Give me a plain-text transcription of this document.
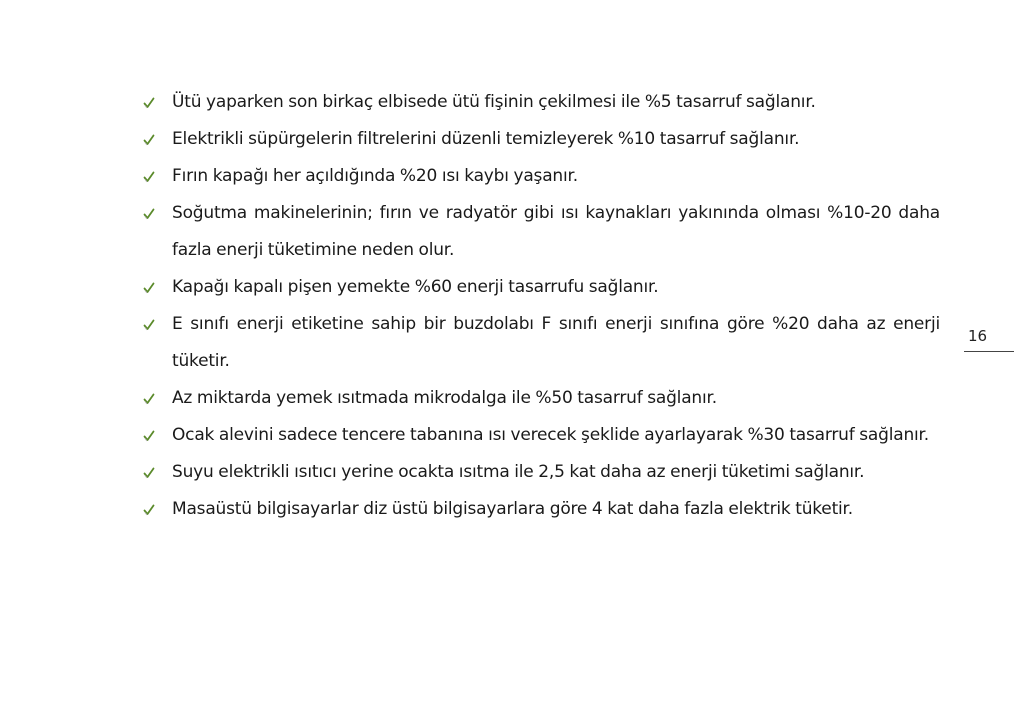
Ütü yaparken son birkaç elbisede ütü fişinin çekilmesi ile %5 tasarruf sağlanır.
Elektrikli süpürgelerin filtrelerini düzenli temizleyerek %10 tasarruf sağlanır.
Fırın kapağı her açıldığında %20 ısı kaybı yaşanır.
Soğutma makinelerinin; fırın ve radyatör gibi ısı kaynakları yakınında olması %10-20 daha fazla enerji tüketimine neden olur.
Kapağı kapalı pişen yemekte %60 enerji tasarrufu sağlanır.
E sınıfı enerji etiketine sahip bir buzdolabı F sınıfı enerji sınıfına göre %20 daha az enerji tüketir.
Az miktarda yemek ısıtmada mikrodalga ile %50 tasarruf sağlanır.
Ocak alevini sadece tencere tabanına ısı verecek şeklide ayarlayarak %30 tasarruf sağlanır.
Suyu elektrikli ısıtıcı yerine ocakta ısıtma ile 2,5 kat daha az enerji tüketimi sağlanır.
Masaüstü bilgisayarlar diz üstü bilgisayarlara göre 4 kat daha fazla elektrik tüketir.
16
